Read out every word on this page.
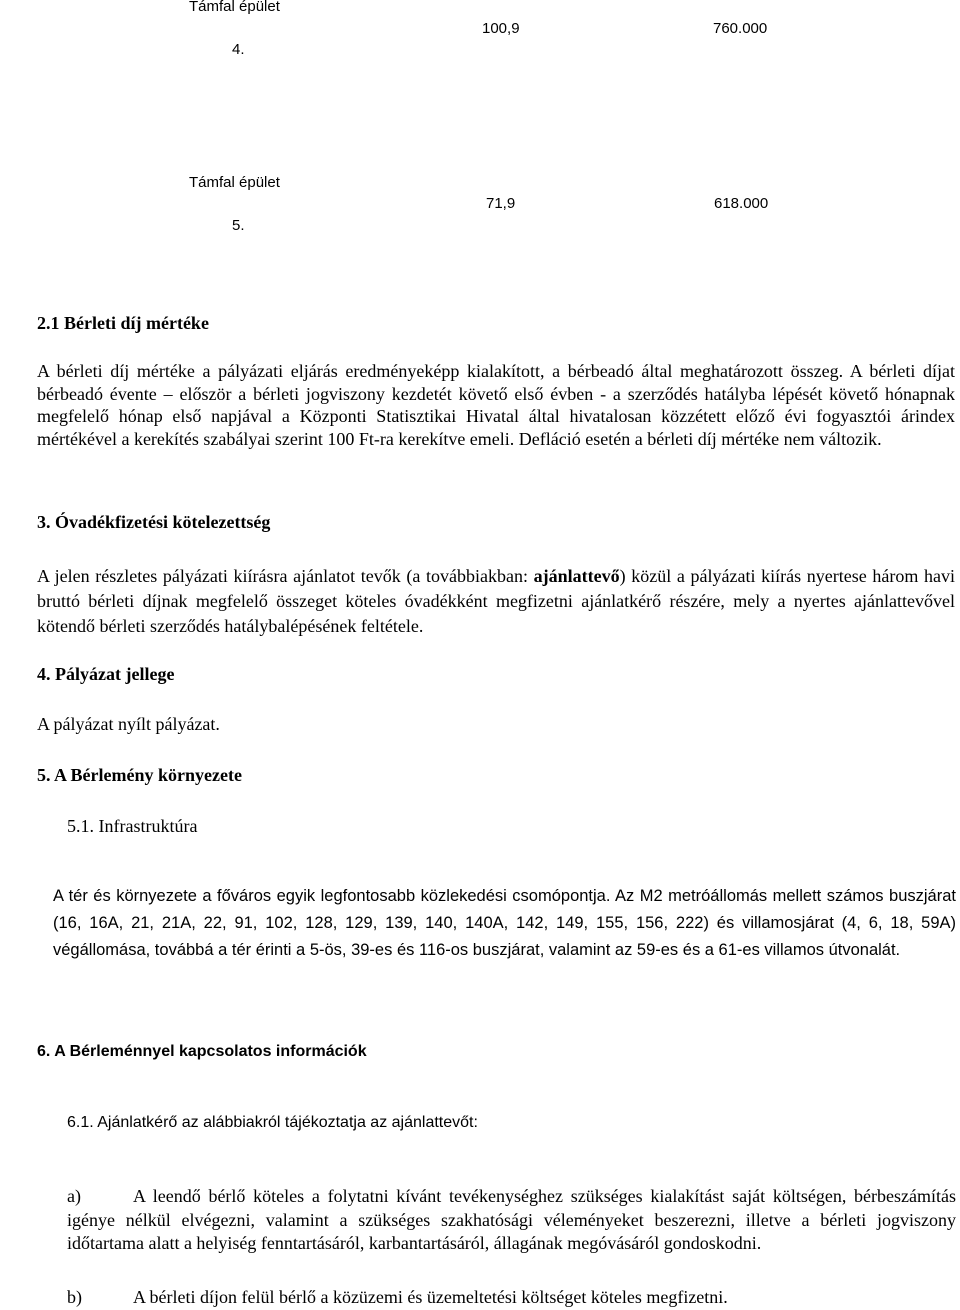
Támfal épület
4.
100,9	760.000
Támfal épület
5.
71,9	618.000
2.1 Bérleti díj mértéke
A bérleti díj mértéke a pályázati eljárás eredményeképp kialakított, a bérbeadó által meghatározott összeg. A bérleti díjat bérbeadó évente – először a bérleti jogviszony kezdetét követő első évben - a szerződés hatályba lépését követő hónapnak megfelelő hónap első napjával a Központi Statisztikai Hivatal által hivatalosan közzétett előző évi fogyasztói árindex mértékével a kerekítés szabályai szerint 100 Ft-ra kerekítve emeli. Defláció esetén a bérleti díj mértéke nem változik.
3. Óvadékfizetési kötelezettség
A jelen részletes pályázati kiírásra ajánlatot tevők (a továbbiakban: ajánlattevő) közül a pályázati kiírás nyertese három havi bruttó bérleti díjnak megfelelő összeget köteles óvadékként megfizetni ajánlatkérő részére, mely a nyertes ajánlattevővel kötendő bérleti szerződés hatálybalépésének feltétele.
4. Pályázat jellege
A pályázat nyílt pályázat.
5. A Bérlemény környezete
5.1. Infrastruktúra
A tér és környezete a főváros egyik legfontosabb közlekedési csomópontja. Az M2 metróállomás mellett számos buszjárat (16, 16A, 21, 21A, 22, 91, 102, 128, 129, 139, 140, 140A, 142, 149, 155, 156, 222) és villamosjárat (4, 6, 18, 59A) végállomása, továbbá a tér érinti a 5-ös, 39-es és 116-os buszjárat, valamint az 59-es és a 61-es villamos útvonalát.
6. A Bérleménnyel kapcsolatos információk
6.1. Ajánlatkérő az alábbiakról tájékoztatja az ajánlattevőt:
a)	A leendő bérlő köteles a folytatni kívánt tevékenységhez szükséges kialakítást saját költségen, bérbeszámítás igénye nélkül elvégezni, valamint a szükséges szakhatósági véleményeket beszerezni, illetve a bérleti jogviszony időtartama alatt a helyiség fenntartásáról, karbantartásáról, állagának megóvásáról gondoskodni.
b)	A bérleti díjon felül bérlő a közüzemi és üzemeltetési költséget köteles megfizetni.
